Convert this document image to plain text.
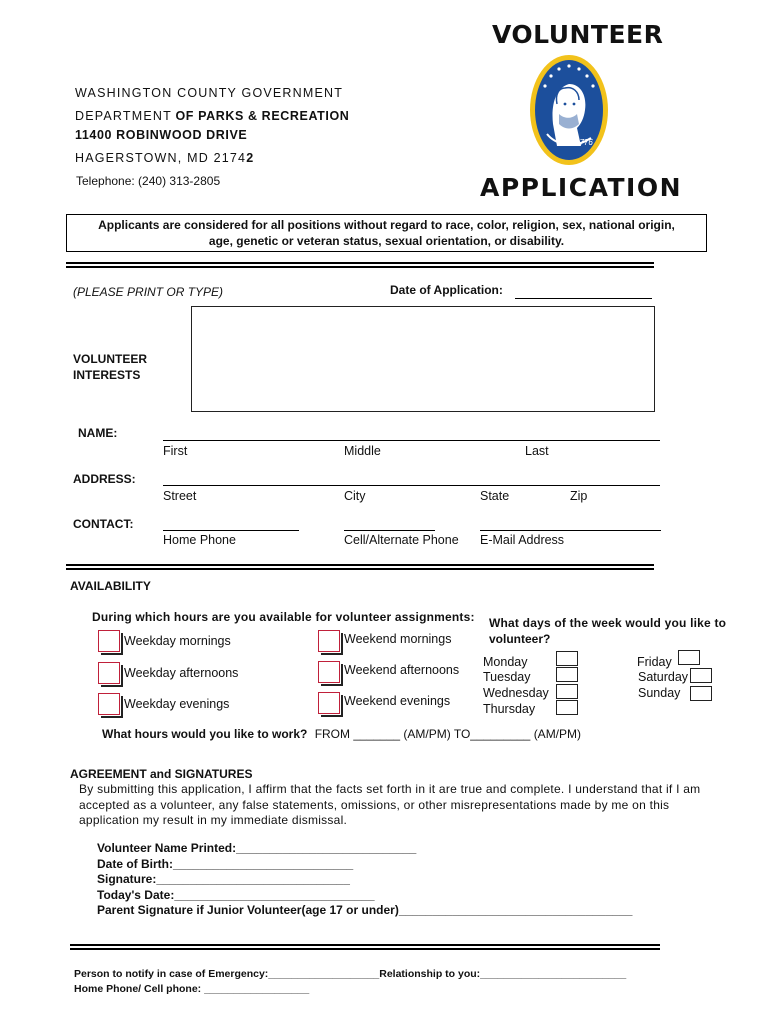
VOLUNTEER
1776
WASHINGTON COUNTY GOVERNMENT
DEPARTMENT OF PARKS & RECREATION
11400 ROBINWOOD DRIVE
HAGERSTOWN, MD 21742
Telephone: (240) 313-2805	APPLICATION
Applicants are considered for all positions without regard to race, color, religion, sex, national origin,
age, genetic or veteran status, sexual orientation, or disability.
(PLEASE PRINT OR TYPE)	Date of Application:
VOLUNTEER
INTERESTS
NAME:
First	Middle	Last
ADDRESS:
Street	City	State	Zip
CONTACT:
Home Phone	Cell/Alternate Phone E-Mail Address
AVAILABILITY
During which hours are you available for volunteer assignments: What days of the week would you like to
volunteer?
Weekday mornings
Weekday afternoons
Weekday evenings
Weekend mornings
Weekend afternoons
Weekend evenings
Monday
Tuesday
Wednesday
Thursday
Friday
Saturday
Sunday
What hours would you like to work? FROM _______ (AM/PM) TO_________ (AM/PM)
AGREEMENT and SIGNATURES
By submitting this application, I affirm that the facts set forth in it are true and complete. I understand that if I am
accepted as a volunteer, any false statements, omissions, or other misrepresentations made by me on this
application my result in my immediate dismissal.
Volunteer Name Printed:___________________________
Date of Birth:___________________________
Signature:_____________________________
Today's Date:______________________________
Parent Signature if Junior Volunteer(age 17 or under)___________________________________
Person to notify in case of Emergency:___________________Relationship to you:_________________________
Home Phone/ Cell phone: __________________
